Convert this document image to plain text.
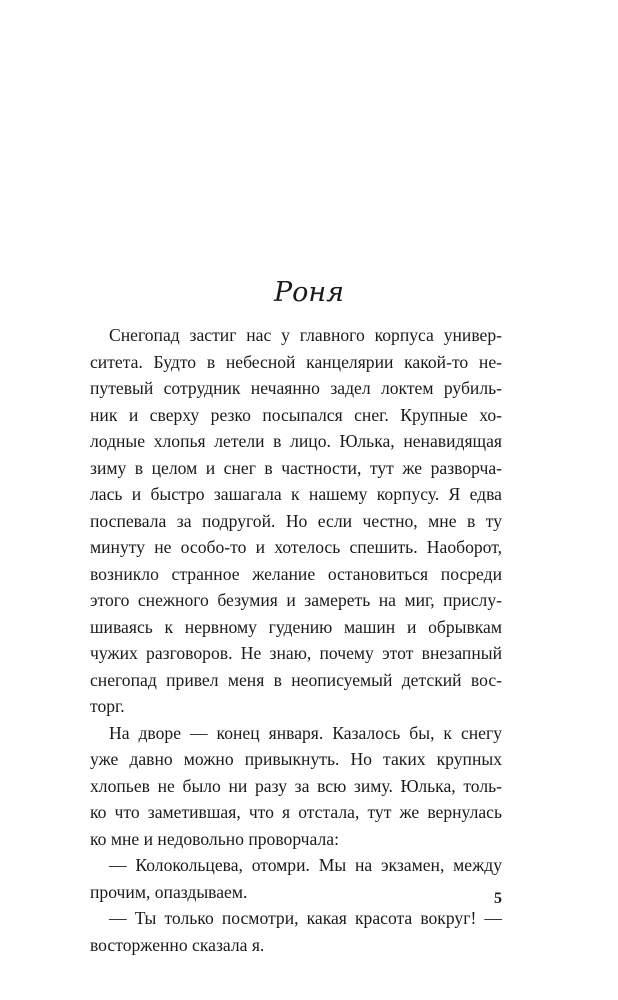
Роня
Снегопад застиг нас у главного корпуса универ-
ситета. Будто в небесной канцелярии какой-то не-
путевый сотрудник нечаянно задел локтем рубиль-
ник и сверху резко посыпался снег. Крупные хо-
лодные хлопья летели в лицо. Юлька, ненавидящая
зиму в целом и снег в частности, тут же разворча-
лась и быстро зашагала к нашему корпусу. Я едва
поспевала за подругой. Но если честно, мне в ту
минуту не особо-то и хотелось спешить. Наоборот,
возникло странное желание остановиться посреди
этого снежного безумия и замереть на миг, прислу-
шиваясь к нервному гудению машин и обрывкам
чужих разговоров. Не знаю, почему этот внезапный
снегопад привел меня в неописуемый детский вос-
торг.
На дворе — конец января. Казалось бы, к снегу
уже давно можно привыкнуть. Но таких крупных
хлопьев не было ни разу за всю зиму. Юлька, толь-
ко что заметившая, что я отстала, тут же вернулась
ко мне и недовольно проворчала:
— Колокольцева, отомри. Мы на экзамен, между
прочим, опаздываем.
— Ты только посмотри, какая красота вокруг! —
восторженно сказала я.
5
